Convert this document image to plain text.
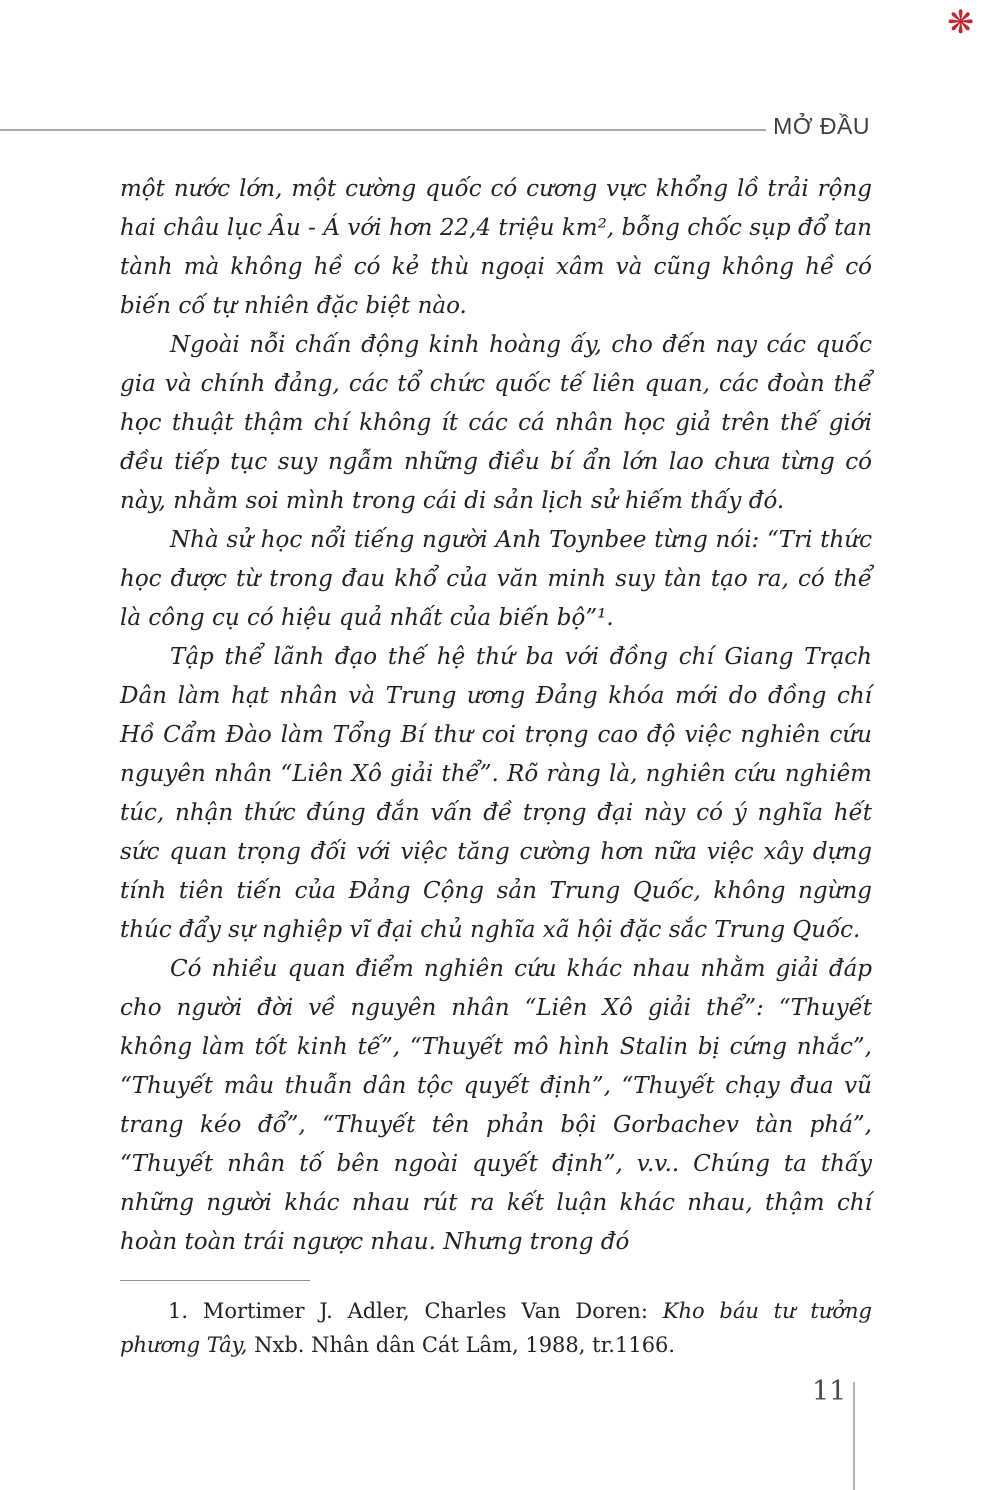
❋
MỞ ĐẦU

một nước lớn, một cường quốc có cương vực khổng lồ trải rộng hai châu lục Âu - Á với hơn 22,4 triệu km², bỗng chốc sụp đổ tan tành mà không hề có kẻ thù ngoại xâm và cũng không hề có biến cố tự nhiên đặc biệt nào.

Ngoài nỗi chấn động kinh hoàng ấy, cho đến nay các quốc gia và chính đảng, các tổ chức quốc tế liên quan, các đoàn thể học thuật thậm chí không ít các cá nhân học giả trên thế giới đều tiếp tục suy ngẫm những điều bí ẩn lớn lao chưa từng có này, nhằm soi mình trong cái di sản lịch sử hiếm thấy đó.

Nhà sử học nổi tiếng người Anh Toynbee từng nói: “Tri thức học được từ trong đau khổ của văn minh suy tàn tạo ra, có thể là công cụ có hiệu quả nhất của biến bộ”¹.

Tập thể lãnh đạo thế hệ thứ ba với đồng chí Giang Trạch Dân làm hạt nhân và Trung ương Đảng khóa mới do đồng chí Hồ Cẩm Đào làm Tổng Bí thư coi trọng cao độ việc nghiên cứu nguyên nhân “Liên Xô giải thể”. Rõ ràng là, nghiên cứu nghiêm túc, nhận thức đúng đắn vấn đề trọng đại này có ý nghĩa hết sức quan trọng đối với việc tăng cường hơn nữa việc xây dựng tính tiên tiến của Đảng Cộng sản Trung Quốc, không ngừng thúc đẩy sự nghiệp vĩ đại chủ nghĩa xã hội đặc sắc Trung Quốc.

Có nhiều quan điểm nghiên cứu khác nhau nhằm giải đáp cho người đời về nguyên nhân “Liên Xô giải thể”: “Thuyết không làm tốt kinh tế”, “Thuyết mô hình Stalin bị cứng nhắc”, “Thuyết mâu thuẫn dân tộc quyết định”, “Thuyết chạy đua vũ trang kéo đổ”, “Thuyết tên phản bội Gorbachev tàn phá”, “Thuyết nhân tố bên ngoài quyết định”, v.v.. Chúng ta thấy những người khác nhau rút ra kết luận khác nhau, thậm chí hoàn toàn trái ngược nhau. Nhưng trong đó

1. Mortimer J. Adler, Charles Van Doren: Kho báu tư tưởng phương Tây, Nxb. Nhân dân Cát Lâm, 1988, tr.1166.
11
